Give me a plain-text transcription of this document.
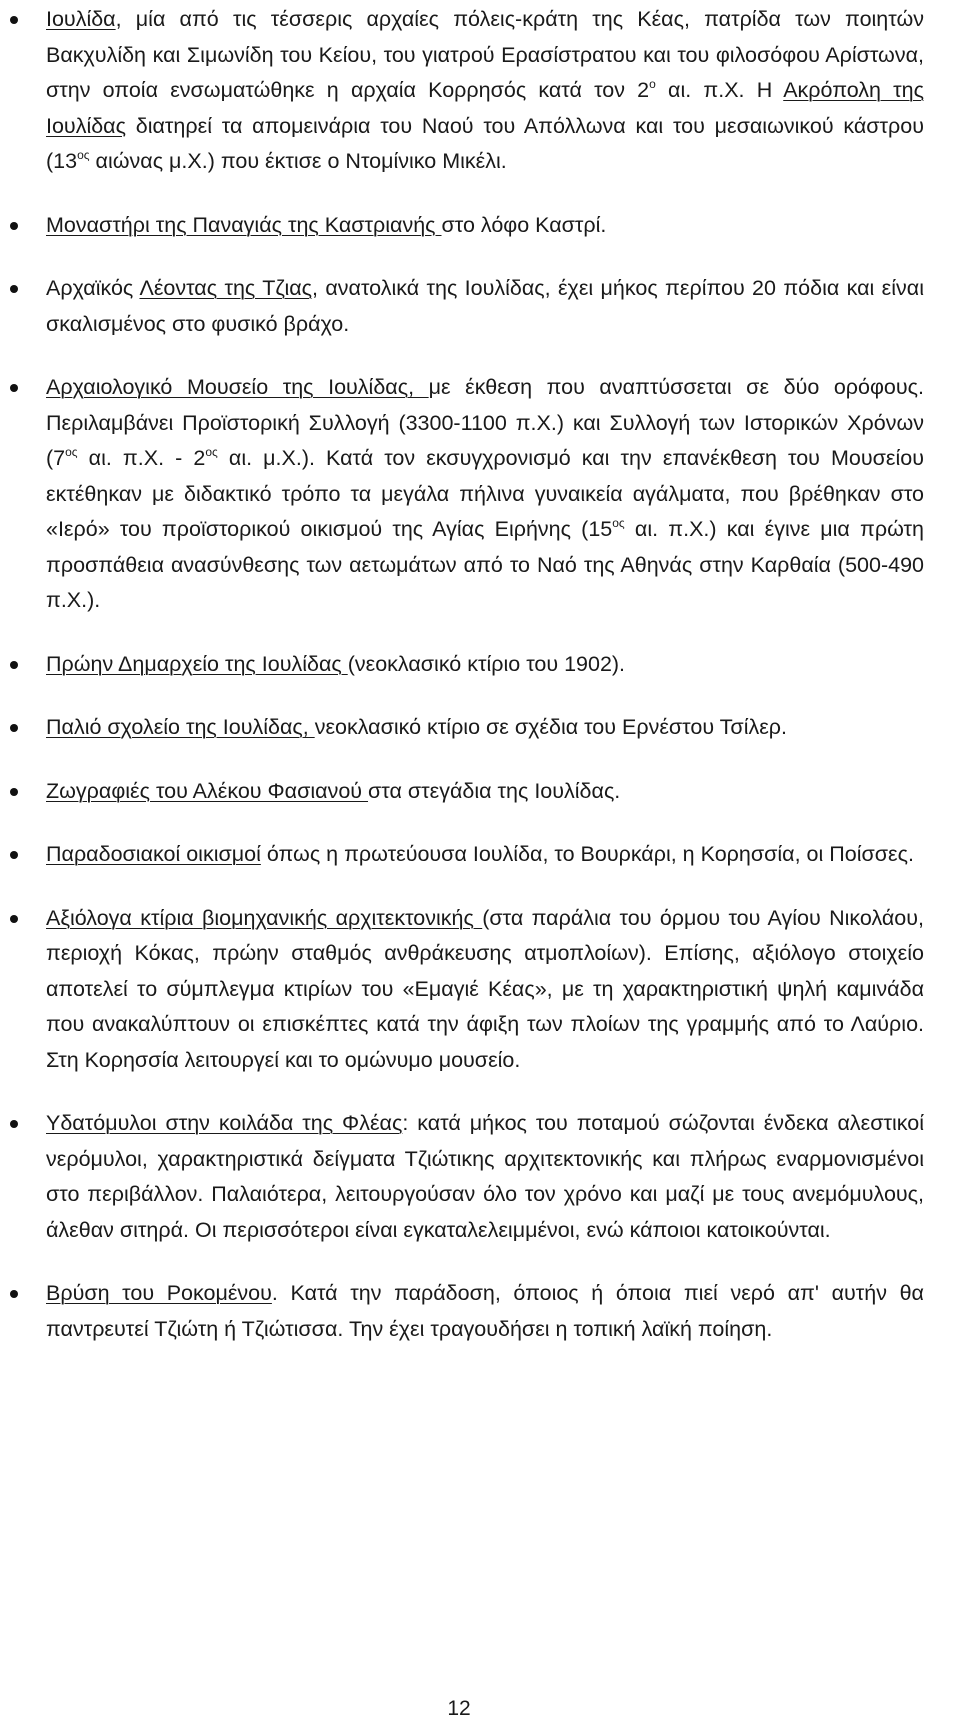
Ιουλίδα, μία από τις τέσσερις αρχαίες πόλεις-κράτη της Κέας, πατρίδα των ποιητών Βακχυλίδη και Σιμωνίδη του Κείου, του γιατρού Ερασίστρατου και του φιλοσόφου Αρίστωνα, στην οποία ενσωματώθηκε η αρχαία Κορρησός κατά τον $2^o$ αι. π.Χ. Η Ακρόπολη της Ιουλίδας διατηρεί τα απομεινάρια του Ναού του Απόλλωνα και του μεσαιωνικού κάστρου ($13^{o\varsigma}$ αιώνας μ.Χ.) που έκτισε ο Ντομίνικο Μικέλι.
Μοναστήρι της Παναγιάς της Καστριανής στο λόφο Καστρί.
Αρχαϊκός Λέοντας της Τζιας, ανατολικά της Ιουλίδας, έχει μήκος περίπου 20 πόδια και είναι σκαλισμένος στο φυσικό βράχο.
Αρχαιολογικό Μουσείο της Ιουλίδας, με έκθεση που αναπτύσσεται σε δύο ορόφους. Περιλαμβάνει Προϊστορική Συλλογή (3300-1100 π.Χ.) και Συλλογή των Ιστορικών Χρόνων ($7^{o\varsigma}$ αι. π.Χ. - $2^{o\varsigma}$ αι. μ.Χ.). Κατά τον εκσυγχρονισμό και την επανέκθεση του Μουσείου εκτέθηκαν με διδακτικό τρόπο τα μεγάλα πήλινα γυναικεία αγάλματα, που βρέθηκαν στο «Ιερό» του προϊστορικού οικισμού της Αγίας Ειρήνης ($15^{o\varsigma}$ αι. π.Χ.) και έγινε μια πρώτη προσπάθεια ανασύνθεσης των αετωμάτων από το Ναό της Αθηνάς στην Καρθαία (500-490 π.Χ.).
Πρώην Δημαρχείο της Ιουλίδας (νεοκλασικό κτίριο του 1902).
Παλιό σχολείο της Ιουλίδας, νεοκλασικό κτίριο σε σχέδια του Ερνέστου Τσίλερ.
Ζωγραφιές του Αλέκου Φασιανού στα στεγάδια της Ιουλίδας.
Παραδοσιακοί οικισμοί όπως η πρωτεύουσα Ιουλίδα, το Βουρκάρι, η Κορησσία, οι Ποίσσες.
Αξιόλογα κτίρια βιομηχανικής αρχιτεκτονικής (στα παράλια του όρμου του Αγίου Νικολάου, περιοχή Κόκας, πρώην σταθμός ανθράκευσης ατμοπλοίων). Επίσης, αξιόλογο στοιχείο αποτελεί το σύμπλεγμα κτιρίων του «Εμαγιέ Κέας», με τη χαρακτηριστική ψηλή καμινάδα που ανακαλύπτουν οι επισκέπτες κατά την άφιξη των πλοίων της γραμμής από το Λαύριο. Στη Κορησσία λειτουργεί και το ομώνυμο μουσείο.
Υδατόμυλοι στην κοιλάδα της Φλέας: κατά μήκος του ποταμού σώζονται ένδεκα αλεστικοί νερόμυλοι, χαρακτηριστικά δείγματα Τζιώτικης αρχιτεκτονικής και πλήρως εναρμονισμένοι στο περιβάλλον. Παλαιότερα, λειτουργούσαν όλο τον χρόνο και μαζί με τους ανεμόμυλους, άλεθαν σιτηρά. Οι περισσότεροι είναι εγκαταλελειμμένοι, ενώ κάποιοι κατοικούνται.
Βρύση του Ροκομένου. Κατά την παράδοση, όποιος ή όποια πιεί νερό απ' αυτήν θα παντρευτεί Τζιώτη ή Τζιώτισσα. Την έχει τραγουδήσει η τοπική λαϊκή ποίηση.
12
